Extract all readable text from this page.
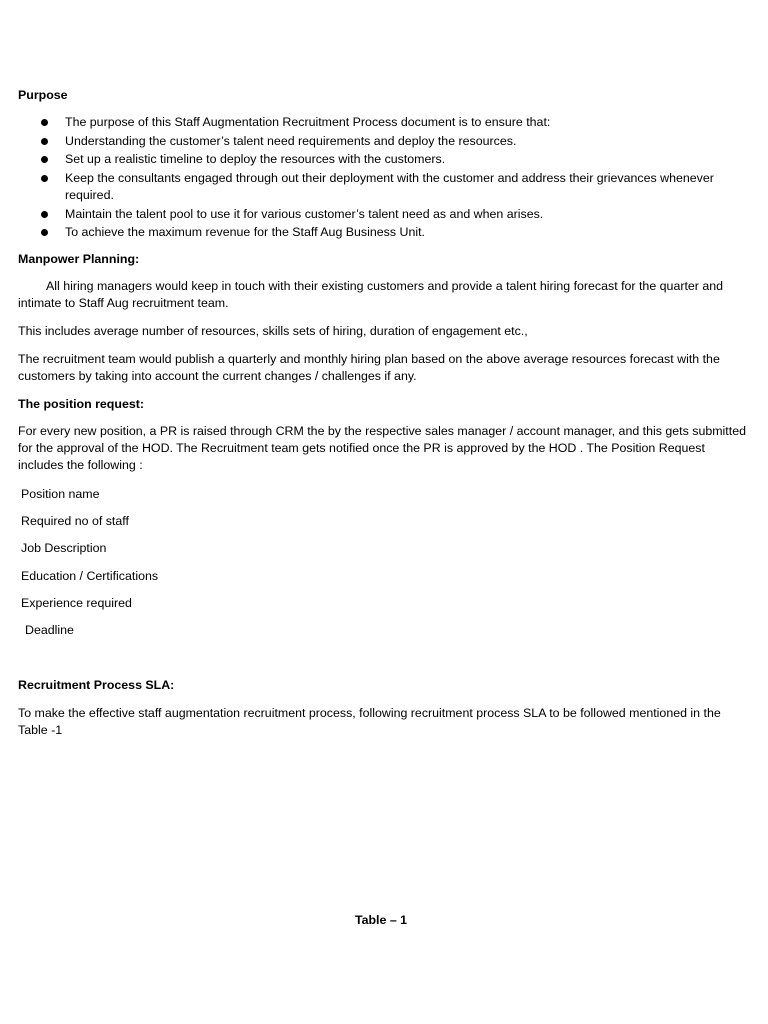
Purpose

The purpose of this Staff Augmentation Recruitment Process document is to ensure that:
Understanding the customer’s talent need requirements and deploy the resources.
Set up a realistic timeline to deploy the resources with the customers.
Keep the consultants engaged through out their deployment with the customer and address their grievances whenever required.
Maintain the talent pool to use it for various customer’s talent need as and when arises.
To achieve the maximum revenue for the Staff Aug Business Unit.

Manpower Planning:

All hiring managers would keep in touch with their existing customers and provide a talent hiring forecast for the quarter and intimate to Staff Aug recruitment team.

This includes average number of resources, skills sets of hiring, duration of engagement etc.,

The recruitment team would publish a quarterly and monthly hiring plan based on the above average resources forecast with the customers by taking into account the current changes / challenges if any.

The position request:

For every new position, a PR is raised through CRM the by the respective sales manager / account manager, and this gets submitted for the approval of the HOD. The Recruitment team gets notified once the PR is approved by the HOD . The Position Request includes the following :

Position name

Required no of staff

Job Description

Education / Certifications

Experience required

Deadline

Recruitment Process SLA:

To make the effective staff augmentation recruitment process, following recruitment process SLA to be followed mentioned in the Table -1

Table – 1
